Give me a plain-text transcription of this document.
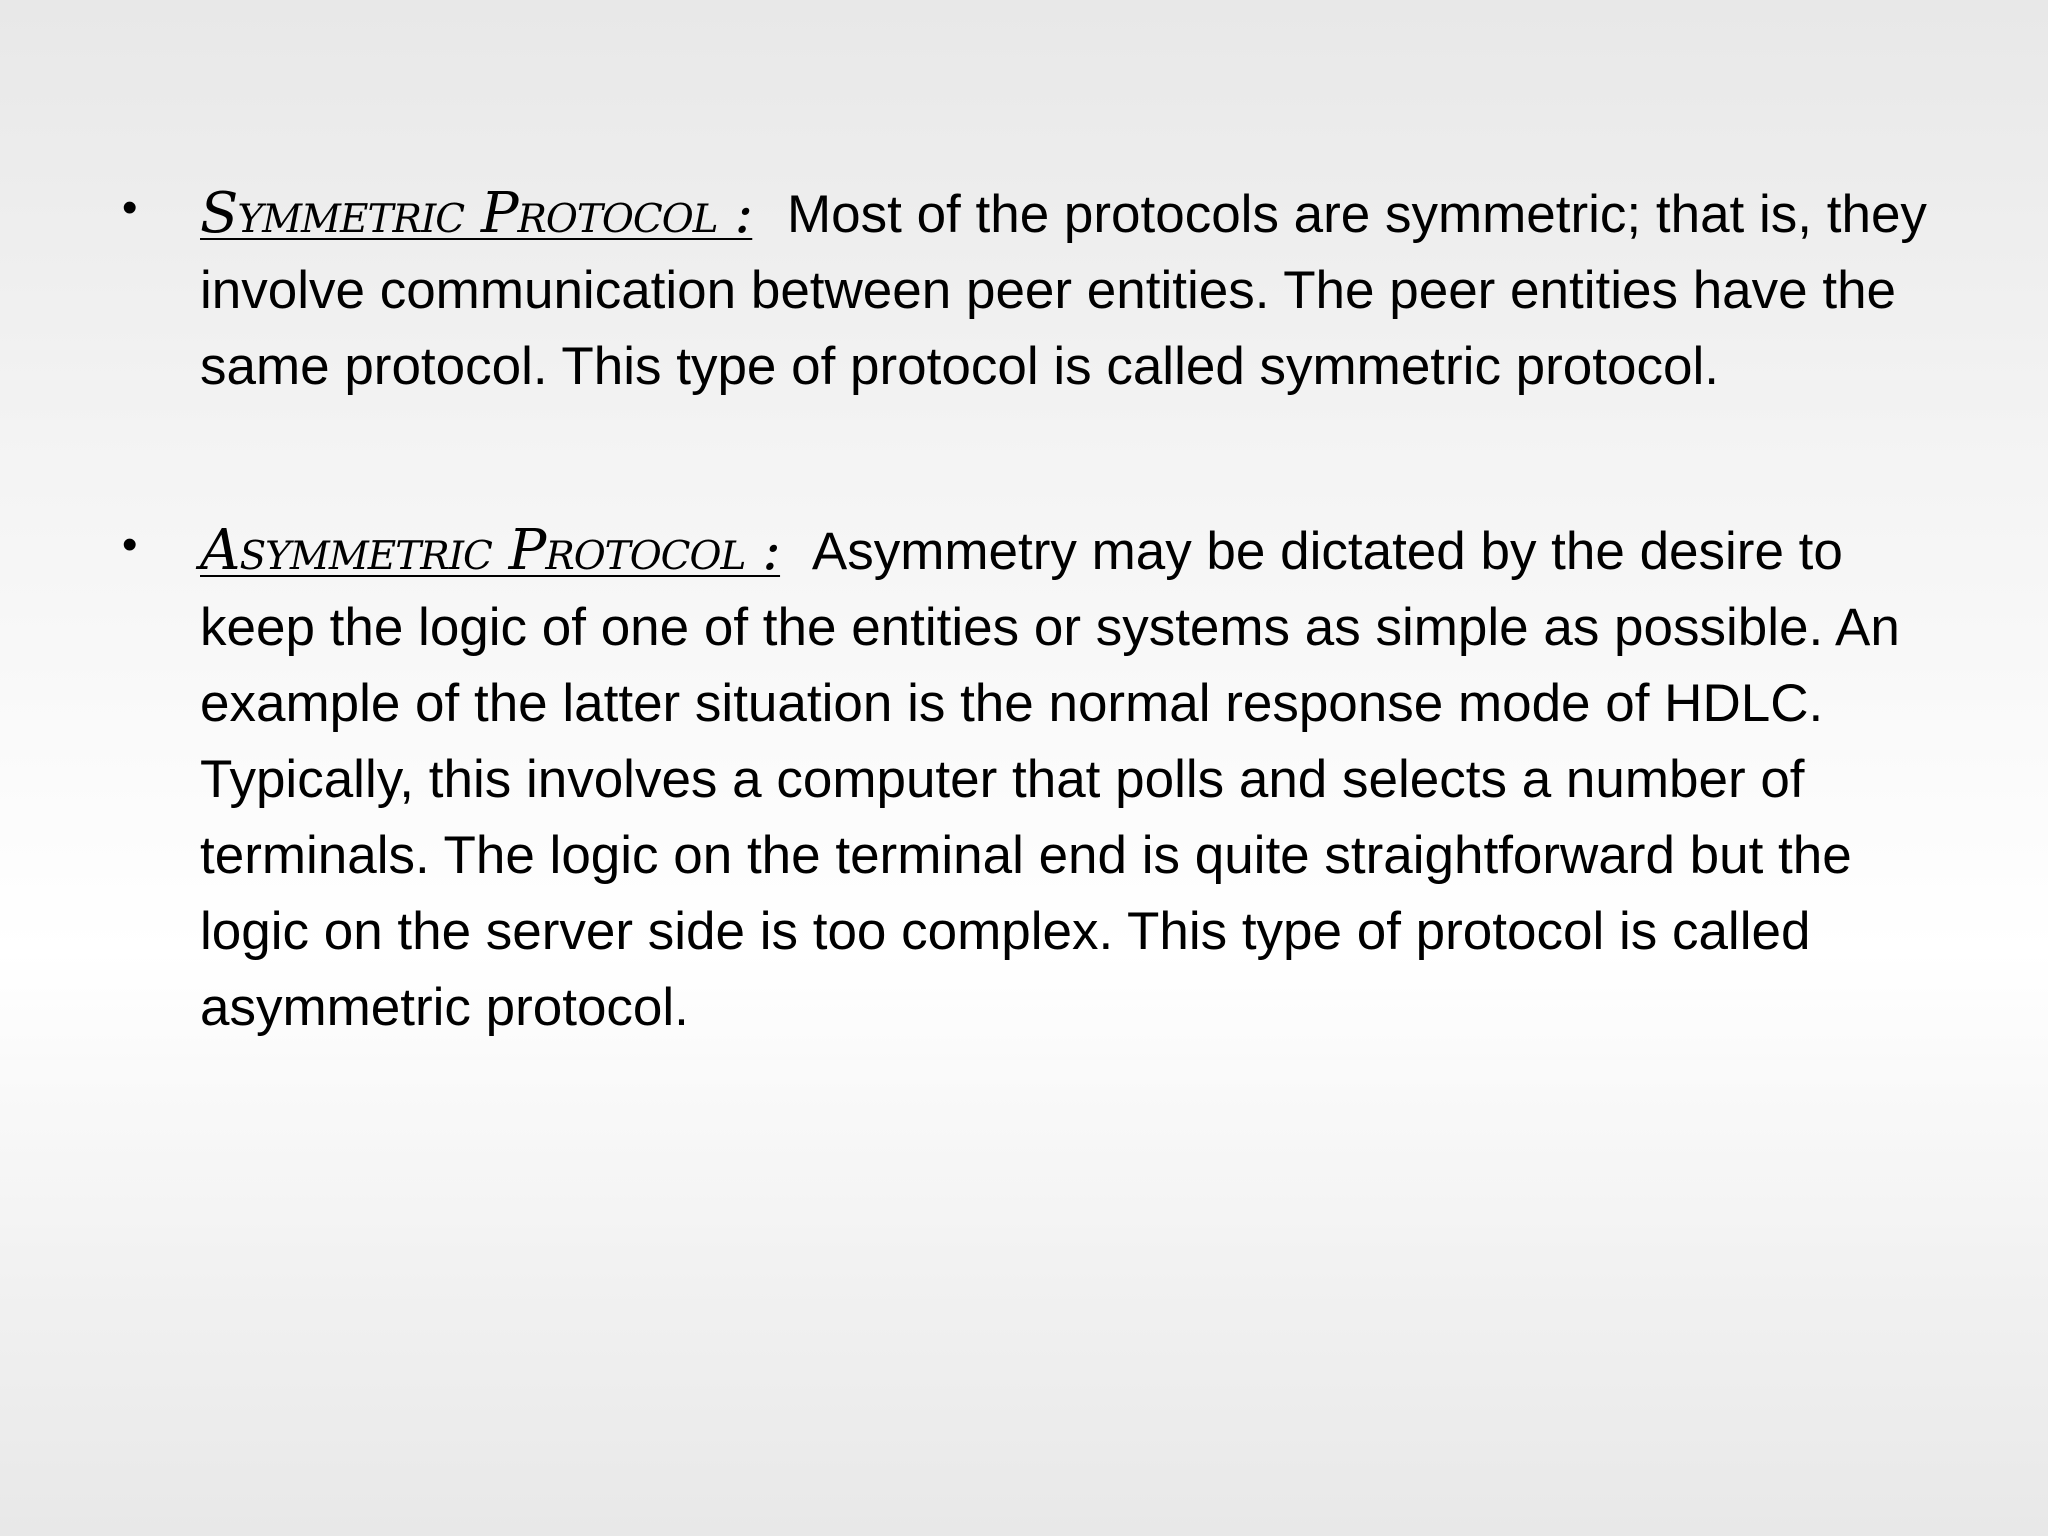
• Symmetric Protocol : Most of the protocols are symmetric; that is, they involve communication between peer entities. The peer entities have the same protocol. This type of protocol is called symmetric protocol.
• Asymmetric Protocol : Asymmetry may be dictated by the desire to keep the logic of one of the entities or systems as simple as possible. An example of the latter situation is the normal response mode of HDLC. Typically, this involves a computer that polls and selects a number of terminals. The logic on the terminal end is quite straightforward but the logic on the server side is too complex. This type of protocol is called asymmetric protocol.
